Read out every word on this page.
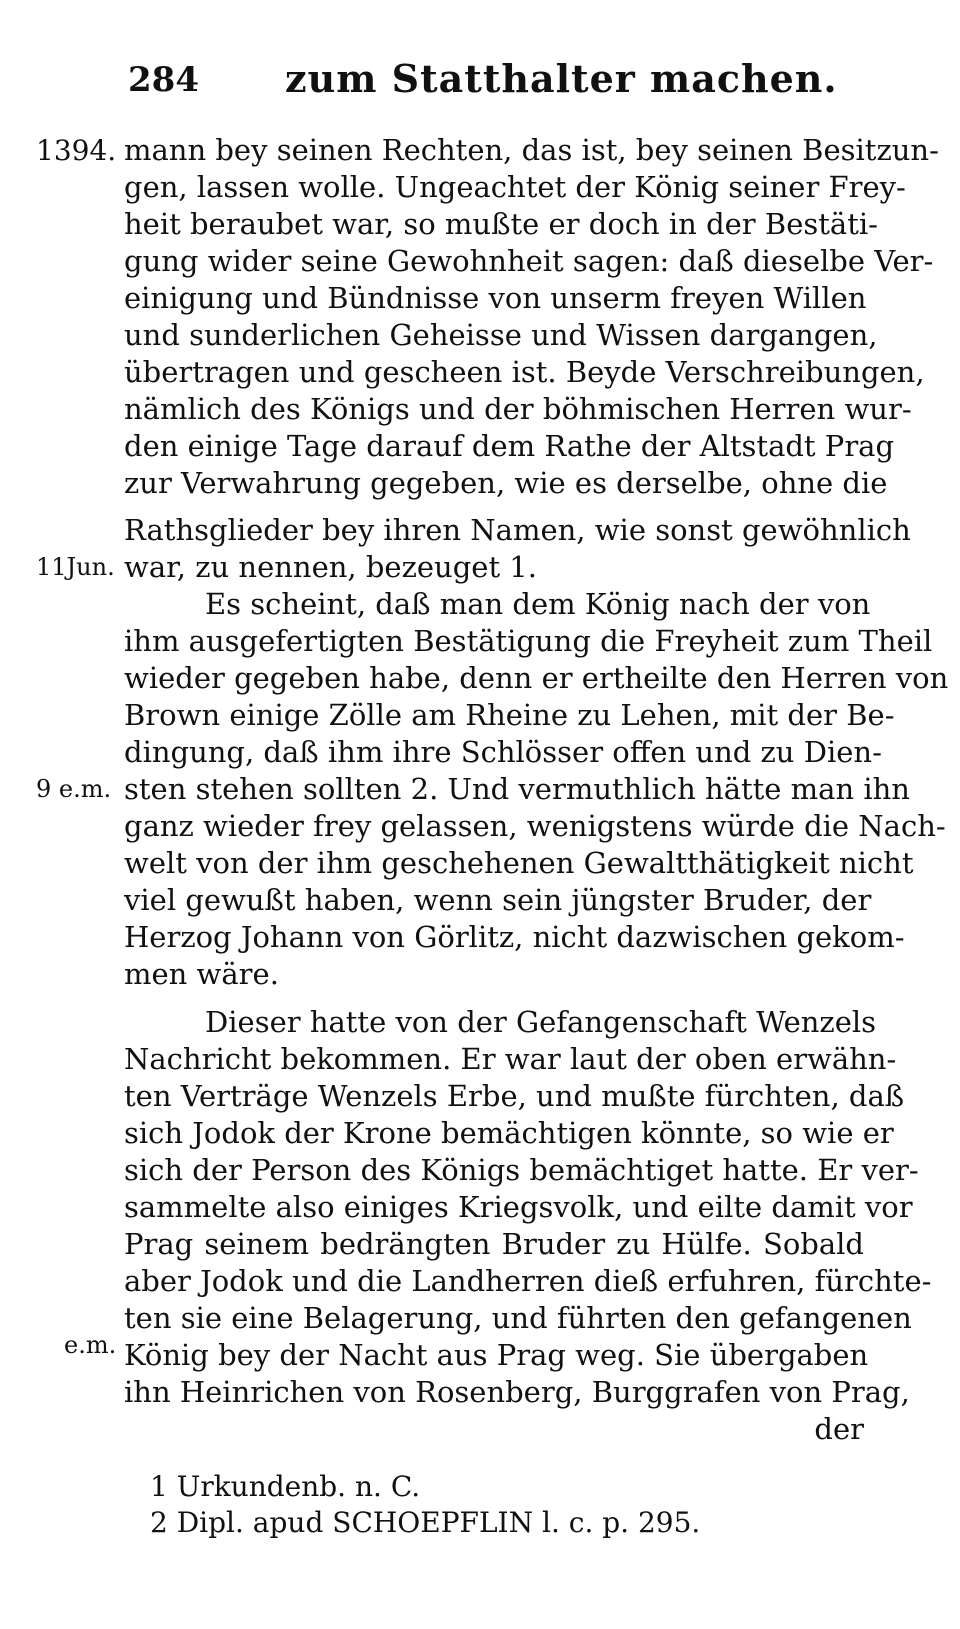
284 zum Statthalter machen.
1394.
11Jun.
9 e.m.
e.m.
mann bey seinen Rechten, das ist, bey seinen Besitzun-
gen, lassen wolle. Ungeachtet der König seiner Frey-
heit beraubet war, so mußte er doch in der Bestäti-
gung wider seine Gewohnheit sagen: daß dieselbe Ver-
einigung und Bündnisse von unserm freyen Willen
und sunderlichen Geheisse und Wissen dargangen,
übertragen und gescheen ist. Beyde Verschreibungen,
nämlich des Königs und der böhmischen Herren wur-
den einige Tage darauf dem Rathe der Altstadt Prag
zur Verwahrung gegeben, wie es derselbe, ohne die
Rathsglieder bey ihren Namen, wie sonst gewöhnlich
war, zu nennen, bezeuget 1.
Es scheint, daß man dem König nach der von
ihm ausgefertigten Bestätigung die Freyheit zum Theil
wieder gegeben habe, denn er ertheilte den Herren von
Brown einige Zölle am Rheine zu Lehen, mit der Be-
dingung, daß ihm ihre Schlösser offen und zu Dien-
sten stehen sollten 2. Und vermuthlich hätte man ihn
ganz wieder frey gelassen, wenigstens würde die Nach-
welt von der ihm geschehenen Gewaltthätigkeit nicht
viel gewußt haben, wenn sein jüngster Bruder, der
Herzog Johann von Görlitz, nicht dazwischen gekom-
men wäre.
Dieser hatte von der Gefangenschaft Wenzels
Nachricht bekommen. Er war laut der oben erwähn-
ten Verträge Wenzels Erbe, und mußte fürchten, daß
sich Jodok der Krone bemächtigen könnte, so wie er
sich der Person des Königs bemächtiget hatte. Er ver-
sammelte also einiges Kriegsvolk, und eilte damit vor
Prag seinem bedrängten Bruder zu Hülfe. Sobald
aber Jodok und die Landherren dieß erfuhren, fürchte-
ten sie eine Belagerung, und führten den gefangenen
König bey der Nacht aus Prag weg. Sie übergaben
ihn Heinrichen von Rosenberg, Burggrafen von Prag,
der
1 Urkundenb. n. C.
2 Dipl. apud SCHOEPFLIN l. c. p. 295.
